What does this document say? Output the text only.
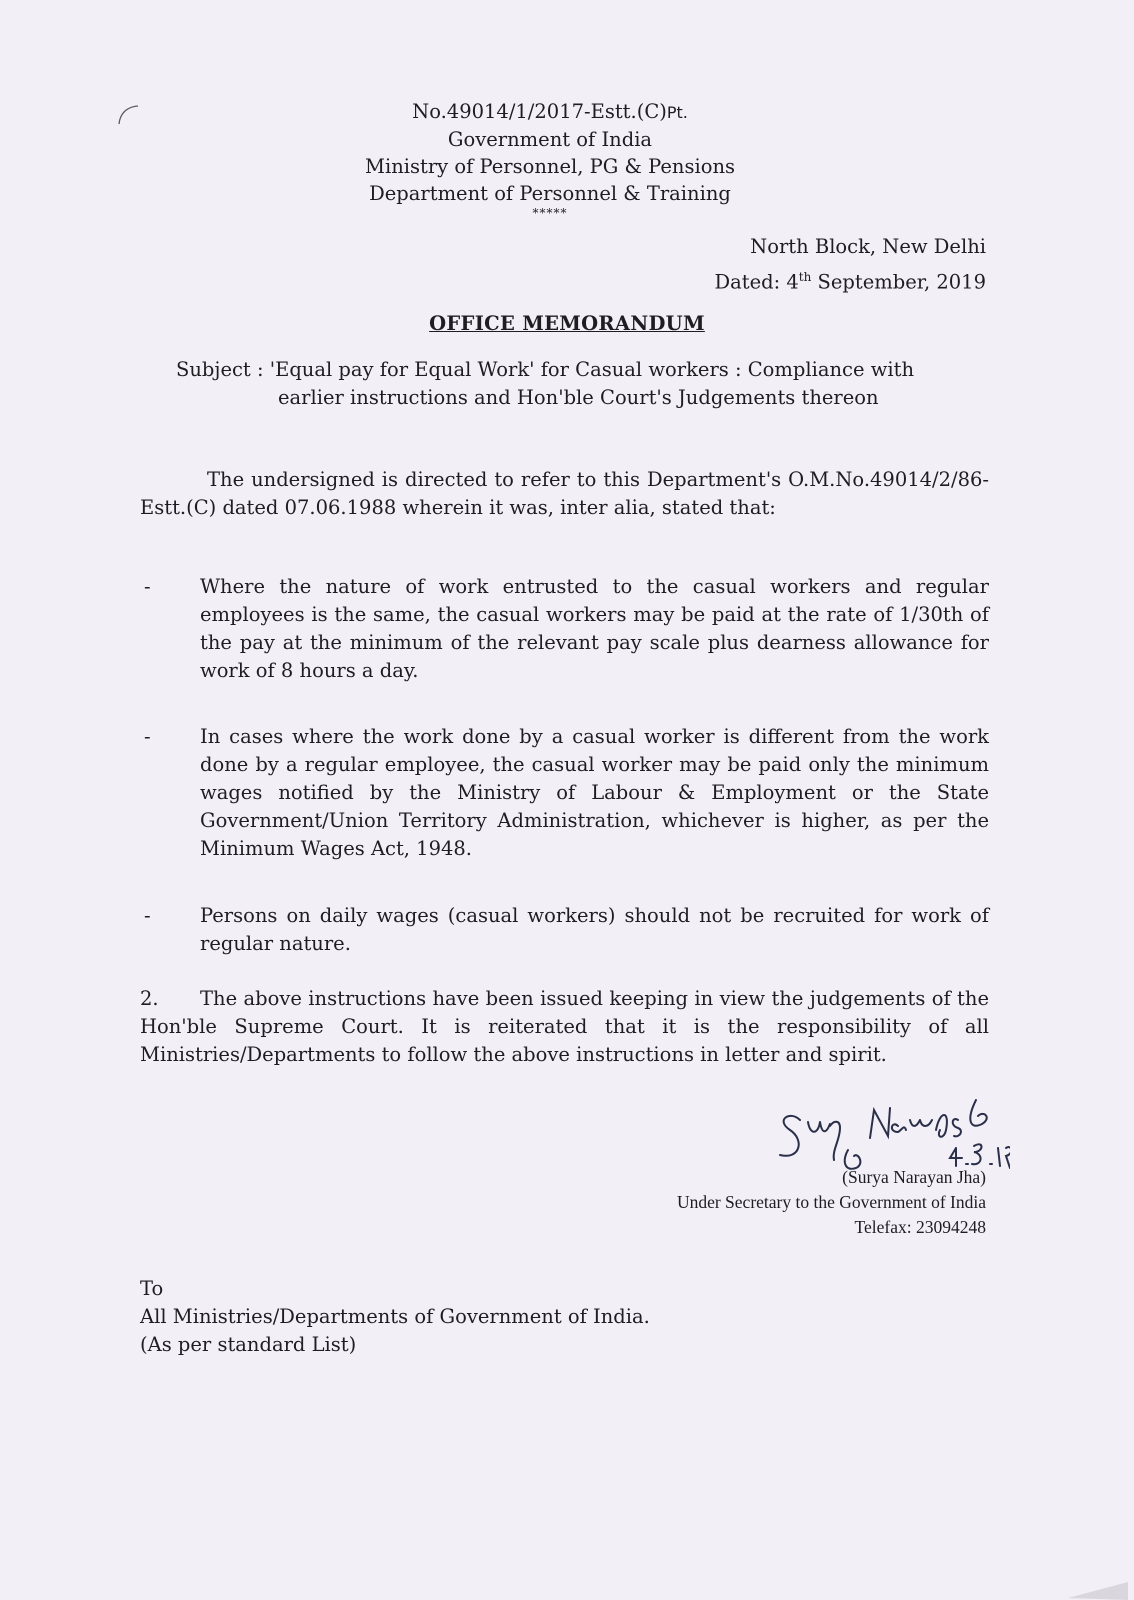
No.49014/1/2017-Estt.(C)Pt.
Government of India
Ministry of Personnel, PG & Pensions
Department of Personnel & Training
*****
North Block, New Delhi
Dated: 4th September, 2019
OFFICE MEMORANDUM
Subject : 'Equal pay for Equal Work' for Casual workers : Compliance with
earlier instructions and Hon'ble Court's Judgements thereon
The undersigned is directed to refer to this Department's O.M.No.49014/2/86-Estt.(C) dated 07.06.1988 wherein it was, inter alia, stated that:
-	Where the nature of work entrusted to the casual workers and regular employees is the same, the casual workers may be paid at the rate of 1/30th of the pay at the minimum of the relevant pay scale plus dearness allowance for work of 8 hours a day.
-	In cases where the work done by a casual worker is different from the work done by a regular employee, the casual worker may be paid only the minimum wages notified by the Ministry of Labour & Employment or the State Government/Union Territory Administration, whichever is higher, as per the Minimum Wages Act, 1948.
-	Persons on daily wages (casual workers) should not be recruited for work of regular nature.
2. The above instructions have been issued keeping in view the judgements of the Hon'ble Supreme Court. It is reiterated that it is the responsibility of all Ministries/Departments to follow the above instructions in letter and spirit.
(Surya Narayan Jha)
Under Secretary to the Government of India
Telefax: 23094248
To
All Ministries/Departments of Government of India.
(As per standard List)
